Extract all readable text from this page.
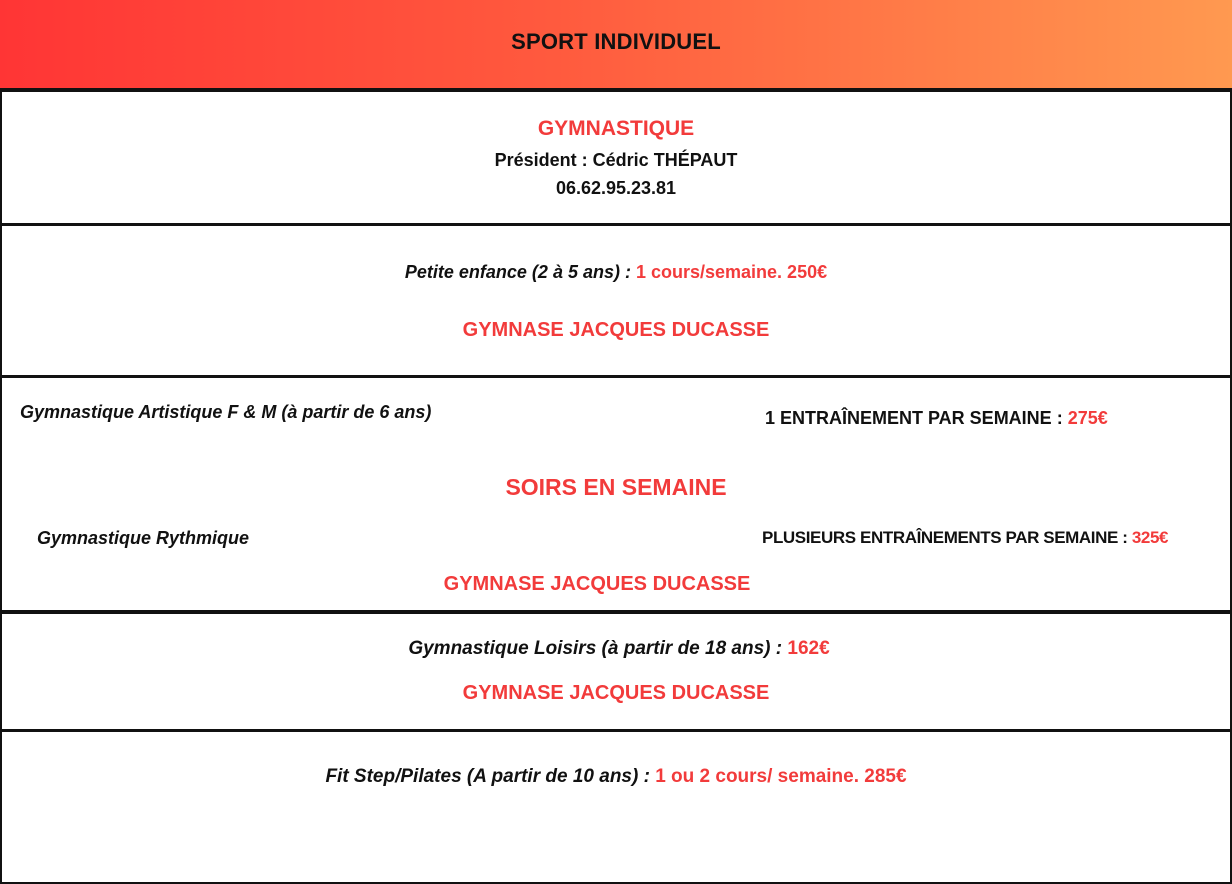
SPORT INDIVIDUEL
GYMNASTIQUE
Président : Cédric THÉPAUT
06.62.95.23.81
Petite enfance (2 à 5 ans) : 1 cours/semaine. 250€
GYMNASE JACQUES DUCASSE
Gymnastique Artistique F & M (à partir de 6 ans)	1 ENTRAÎNEMENT PAR SEMAINE : 275€
SOIRS EN SEMAINE
Gymnastique Rythmique	PLUSIEURS ENTRAÎNEMENTS PAR SEMAINE : 325€
GYMNASE JACQUES DUCASSE
Gymnastique Loisirs (à partir de 18 ans) : 162€
GYMNASE JACQUES DUCASSE
Fit Step/Pilates (A partir de 10 ans) : 1 ou 2 cours/ semaine. 285€
